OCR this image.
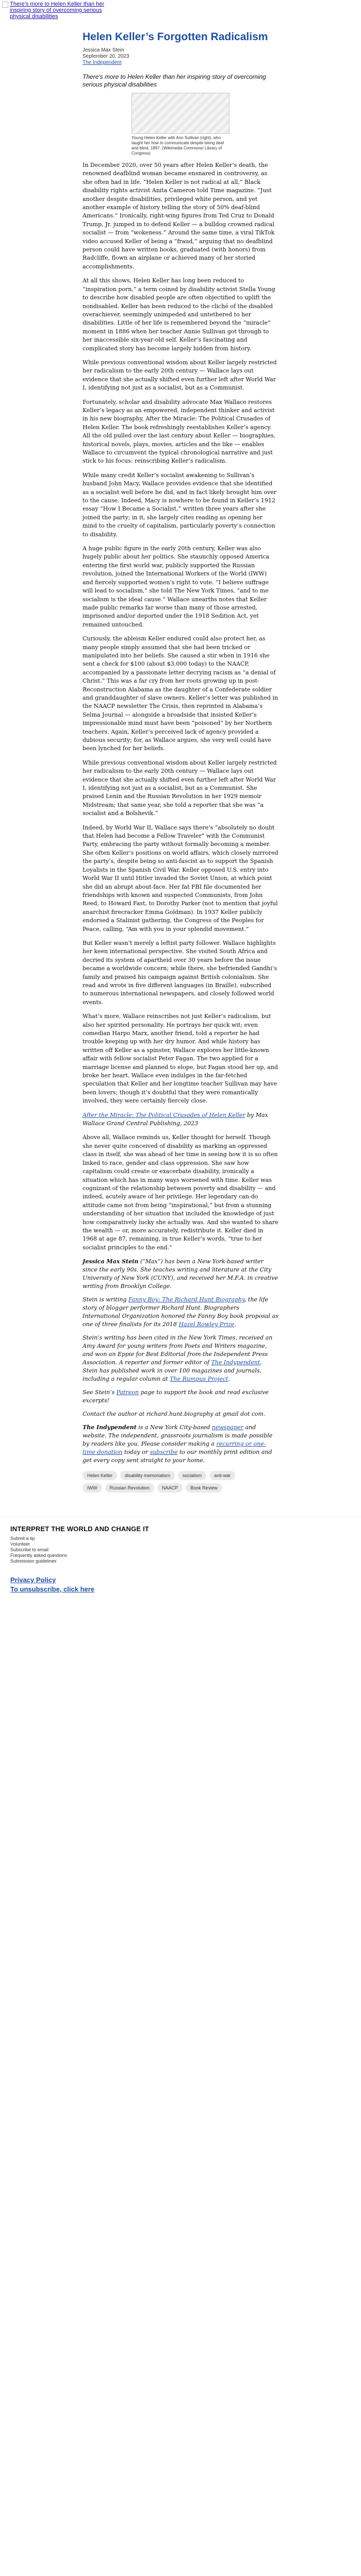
There's more to Helen Keller than her inspiring story of overcoming serious physical disabilities
Helen Keller’s Forgotten Radicalism
Jessica Max Stein
September 20, 2023
The Independent

There's more to Helen Keller than her inspiring story of overcoming serious physical disabilities

Young Helen Keller with Ann Sullivan (right), who taught her how to communicate despite being deaf and blind, 1897. (Wikimedia Commons/ Library of Congress)

In December 2020, over 50 years after Helen Keller’s death, the renowned deafblind woman became ensnared in controversy, as she often had in life. “Helen Keller is not radical at all,” Black disability rights activist Anita Cameron told Time magazine. “Just another despite disabilities, privileged white person, and yet another example of history telling the story of 50% deaf-blind Americans.” Ironically, right-wing figures from Ted Cruz to Donald Trump, Jr. jumped in to defend Keller — a bulldog crowned radical socialist — from “wokeness.” Around the same time, a viral TikTok video accused Keller of being a “fraud,” arguing that no deafblind person could have written books, graduated (with honors) from Radcliffe, flown an airplane or achieved many of her storied accomplishments.

At all this shows, Helen Keller has long been reduced to “inspiration porn,” a term coined by disability activist Stella Young to describe how disabled people are often objectified to uplift the nondisabled. Keller has been reduced to the cliché of the disabled overachiever, seemingly unimpeded and untethered to her disabilities. Little of her life is remembered beyond the “miracle” moment in 1886 when her teacher Annie Sullivan got through to her inaccessible six-year-old self. Keller’s fascinating and complicated story has become largely hidden from history.

While previous conventional wisdom about Keller largely restricted her radicalism to the early 20th century — Wallace lays out evidence that she actually shifted even further left after World War I, identifying not just as a socialist, but as a Communist.

Fortunately, scholar and disability advocate Max Wallace restores Keller’s legacy as an empowered, independent thinker and activist in his new biography, After the Miracle: The Political Crusades of Helen Keller. The book refreshingly reestablishes Keller’s agency. All the old pulled over the last century about Keller — biographies, historical novels, plays, movies, articles and the like — enables Wallace to circumvent the typical chronological narrative and just stick to his focus: reinscribing Keller’s radicalism.

While many credit Keller’s socialist awakening to Sullivan’s husband John Macy, Wallace provides evidence that she identified as a socialist well before he did, and in fact likely brought him over to the cause. Indeed, Macy is nowhere to be found in Keller’s 1912 essay “How I Became a Socialist,” written three years after she joined the party; in it, she largely cites reading as opening her mind to the cruelty of capitalism, particularly poverty’s connection to disability.

A huge public figure in the early 20th century, Keller was also hugely public about her politics. She staunchly opposed America entering the first world war, publicly supported the Russian revolution, joined the International Workers of the World (IWW) and fiercely supported women’s right to vote. “I believe suffrage will lead to socialism,” she told The New York Times, “and to me socialism is the ideal cause.” Wallace unearths notes that Keller made public remarks far worse than many of those arrested, imprisoned and/or deported under the 1918 Sedition Act, yet remained untouched.

Curiously, the ableism Keller endured could also protect her, as many people simply assumed that she had been tricked or manipulated into her beliefs. She caused a stir when in 1916 she sent a check for $100 (about $3,000 today) to the NAACP, accompanied by a passionate letter decrying racism as “a denial of Christ.” This was a far cry from her roots growing up in post-Reconstruction Alabama as the daughter of a Confederate soldier and granddaughter of slave owners. Keller’s letter was published in the NAACP newsletter The Crisis, then reprinted in Alabama’s Selma Journal — alongside a broadside that insisted Keller’s impressionable mind must have been “poisoned” by her Northern teachers. Again, Keller’s perceived lack of agency provided a dubious security; for, as Wallace argues, she very well could have been lynched for her beliefs.

While previous conventional wisdom about Keller largely restricted her radicalism to the early 20th century — Wallace lays out evidence that she actually shifted even further left after World War I, identifying not just as a socialist, but as a Communist. She praised Lenin and the Russian Revolution in her 1929 memoir Midstream; that same year, she told a reporter that she was “a socialist and a Bolshevik.”

Indeed, by World War II, Wallace says there’s “absolutely no doubt that Helen had become a Fellow Traveler” with the Communist Party, embracing the party without formally becoming a member. She often Keller’s positions on world affairs, which closely mirrored the party’s, despite being so anti-fascist as to support the Spanish Loyalists in the Spanish Civil War. Keller opposed U.S. entry into World War II until Hitler invaded the Soviet Union, at which point she did an abrupt about-face. Her fat FBI file documented her friendships with known and suspected Communists, from John Reed, to Howard Fast, to Dorothy Parker (not to mention that joyful anarchist firecracker Emma Goldman). In 1937 Keller publicly endorsed a Stalinist gathering, the Congress of the Peoples for Peace, calling, “Am with you in your splendid movement.”

But Keller wasn’t merely a leftist party follower. Wallace highlights her keen international perspective. She visited South Africa and decried its system of apartheid over 30 years before the issue became a worldwide concern; while there, she befriended Gandhi’s family and praised his campaign against British colonialism. She read and wrote in five different languages (in Braille), subscribed to numerous international newspapers, and closely followed world events.

What’s more, Wallace reinscribes not just Keller’s radicalism, but also her spirited personality. He portrays her quick wit; even comedian Harpo Marx, another friend, told a reporter he had trouble keeping up with her dry humor. And while history has written off Keller as a spinster, Wallace explores her little-known affair with fellow socialist Peter Fagan. The two applied for a marriage license and planned to elope, but Fagan stood her up, and broke her heart. Wallace even indulges in the far-fetched speculation that Keller and her longtime teacher Sullivan may have been lovers; though it’s doubtful that they were romantically involved, they were certainly fiercely close.

After the Miracle: The Political Crusades of Helen Keller by Max Wallace Grand Central Publishing, 2023

Above all, Wallace reminds us, Keller thought for herself. Though she never quite conceived of disability as marking an oppressed class in itself, she was ahead of her time in seeing how it is so often linked to race, gender and class oppression. She saw how capitalism could create or exacerbate disability, ironically a situation which has in many ways worsened with time. Keller was cognizant of the relationship between poverty and disability — and indeed, acutely aware of her privilege. Her legendary can-do attitude came not from being “inspirational,” but from a stunning understanding of her situation that included the knowledge of just how comparatively lucky she actually was. And she wanted to share the wealth — or, more accurately, redistribute it. Keller died in 1968 at age 87, remaining, in true Keller’s words, “true to her socialist principles to the end.”

Jessica Max Stein (“Max”) has been a New York-based writer since the early 90s. She teaches writing and literature at the City University of New York (CUNY), and received her M.F.A. in creative writing from Brooklyn College.

Stein is writing Fanny Boy: The Richard Hunt Biography, the life story of blogger performer Richard Hunt. Biographers International Organization honored the Fanny Boy book proposal as one of three finalists for its 2018 Hazel Rowley Prize.

Stein’s writing has been cited in the New York Times, received an Amy Award for young writers from Poets and Writers magazine, and won an Eppie for Best Editorial from the Independent Press Association. A reporter and former editor of The Indypendent, Stein has published work in over 100 magazines and journals, including a regular column at The Rumpus Project.

See Stein’s Patreon page to support the book and read exclusive excerpts!

Contact the author at richard.hunt.biography at gmail dot com.

The Indypendent is a New York City-based newspaper and website. The independent, grassroots journalism is made possible by readers like you. Please consider making a recurring or one-time donation today or subscribe to our monthly print edition and get every copy sent straight to your home.

Helen Keller	disability memorialism	socialism	anti-war
IWW	Russian Revolution	NAACP	Book Review
INTERPRET THE WORLD AND CHANGE IT
Submit a tip
Volunteer
Subscribe to email
Frequently asked questions
Submission guidelines
Privacy Policy
To unsubscribe, click here
